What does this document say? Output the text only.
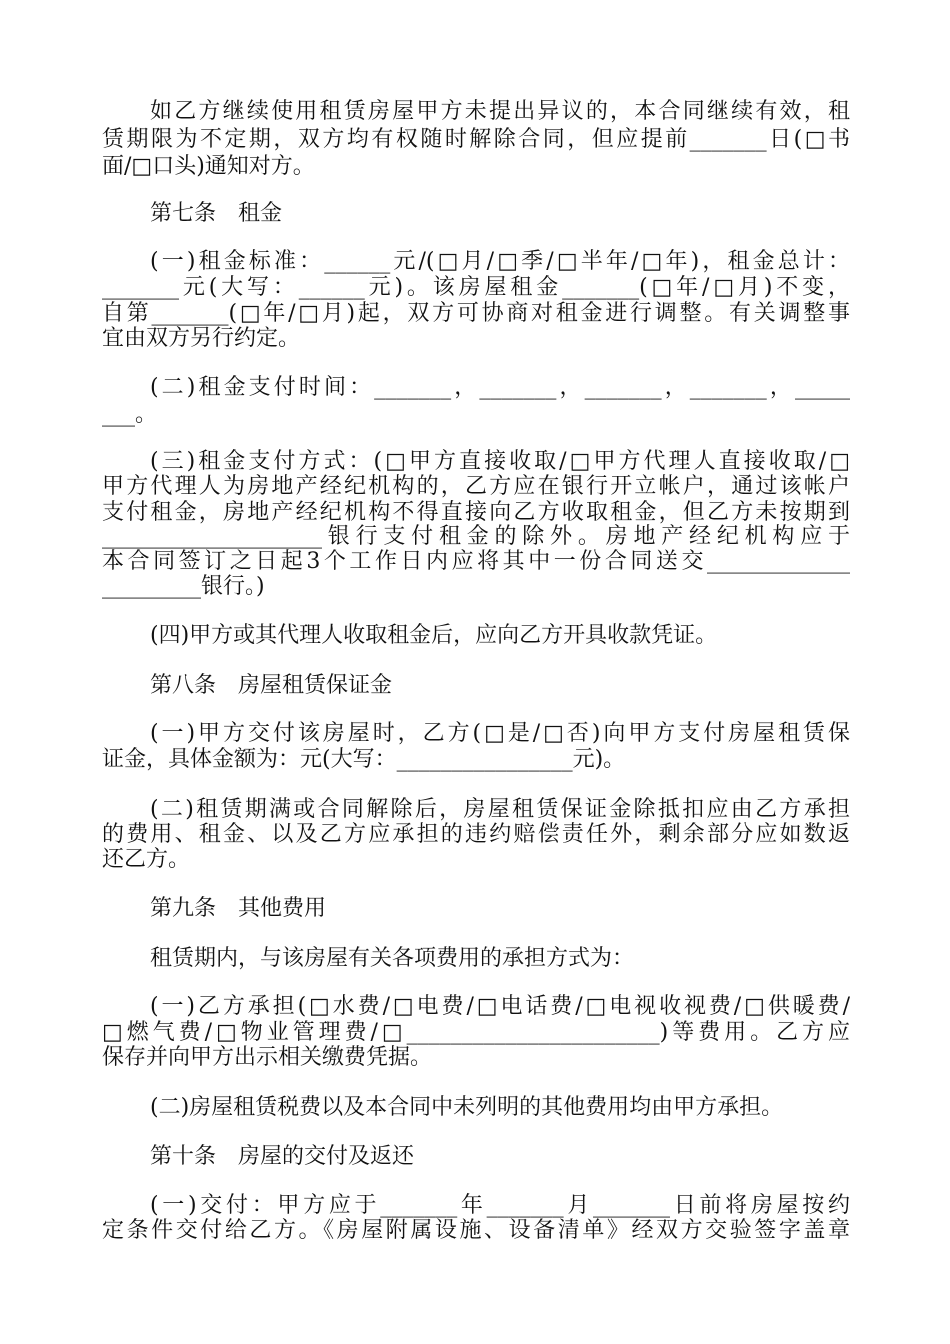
如乙方继续使用租赁房屋甲方未提出异议的，本合同继续有效，租
赁期限为不定期，双方均有权随时解除合同，但应提前_______日(□书
面/□口头)通知对方。
第七条　租金
(一)租金标准：______元/(□月/□季/□半年/□年)，租金总计：
_______元(大写：______元)。该房屋租金_______(□年/□月)不变，
自第_______(□年/□月)起，双方可协商对租金进行调整。有关调整事
宜由双方另行约定。
(二)租金支付时间：_______，_______，_______，_______，_____
___。
(三)租金支付方式：(□甲方直接收取/□甲方代理人直接收取/□
甲方代理人为房地产经纪机构的，乙方应在银行开立帐户，通过该帐户
支付租金，房地产经纪机构不得直接向乙方收取租金，但乙方未按期到
____________________银行支付租金的除外。房地产经纪机构应于
本合同签订之日起3个工作日内应将其中一份合同送交_____________
_________银行。)
(四)甲方或其代理人收取租金后，应向乙方开具收款凭证。
第八条　房屋租赁保证金
(一)甲方交付该房屋时，乙方(□是/□否)向甲方支付房屋租赁保
证金，具体金额为：元(大写：________________元)。
(二)租赁期满或合同解除后，房屋租赁保证金除抵扣应由乙方承担
的费用、租金、以及乙方应承担的违约赔偿责任外，剩余部分应如数返
还乙方。
第九条　其他费用
租赁期内，与该房屋有关各项费用的承担方式为：
(一)乙方承担(□水费/□电费/□电话费/□电视收视费/□供暖费/
□燃气费/□物业管理费/□_______________________)等费用。乙方应
保存并向甲方出示相关缴费凭据。
(二)房屋租赁税费以及本合同中未列明的其他费用均由甲方承担。
第十条　房屋的交付及返还
(一)交付：甲方应于_______年_______月_______日前将房屋按约
定条件交付给乙方。《房屋附属设施、设备清单》经双方交验签字盖章
